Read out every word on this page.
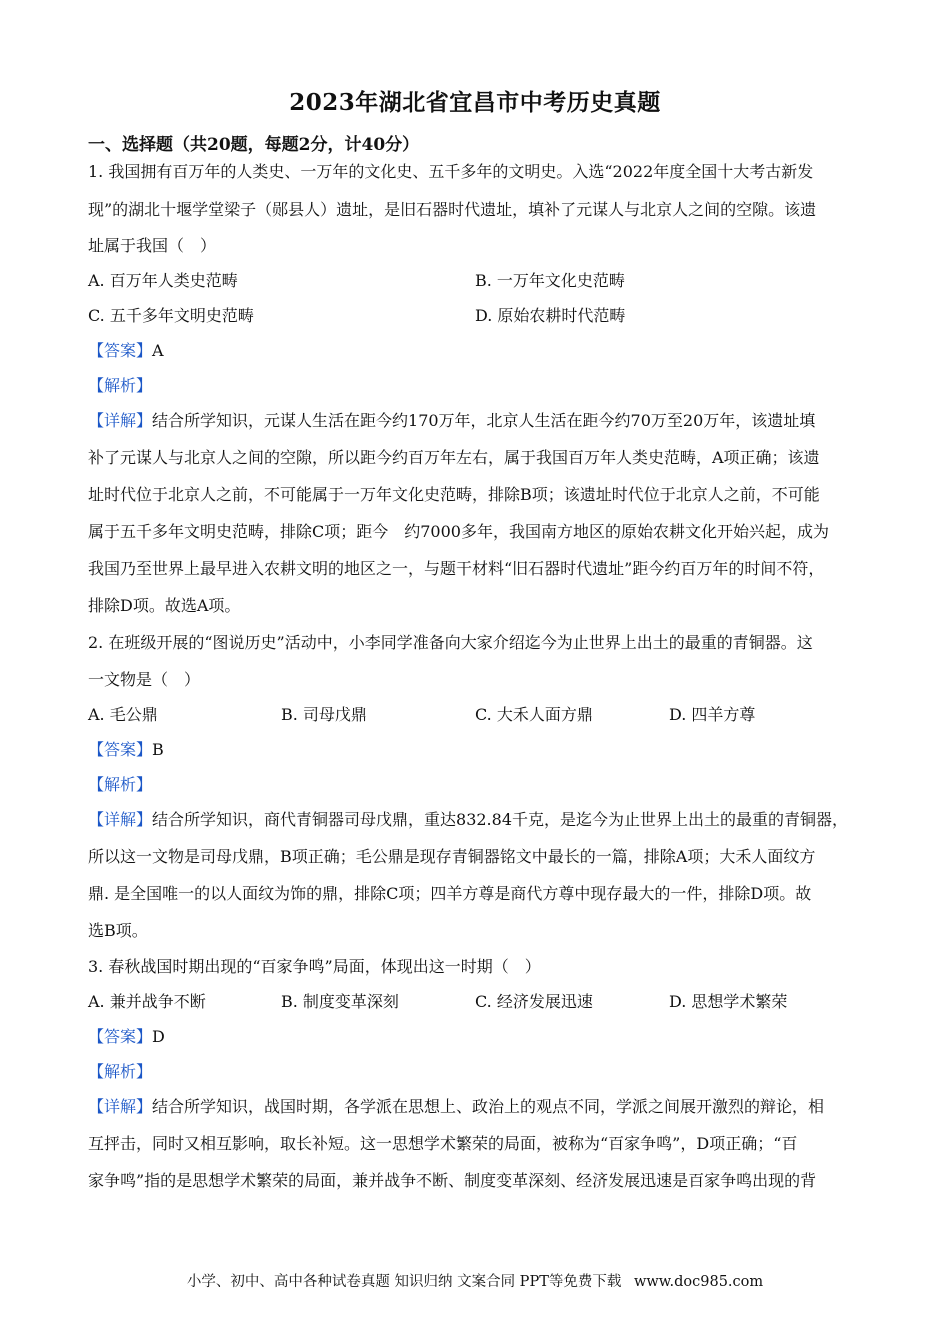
2023年湖北省宜昌市中考历史真题
一、选择题（共20题，每题2分，计40分）
1. 我国拥有百万年的人类史、一万年的文化史、五千多年的文明史。入选“2022年度全国十大考古新发
现”的湖北十堰学堂梁子（郧县人）遗址，是旧石器时代遗址，填补了元谋人与北京人之间的空隙。该遗
址属于我国（　）
A. 百万年人类史范畴	B. 一万年文化史范畴
C. 五千多年文明史范畴	D. 原始农耕时代范畴
【答案】A
【解析】
【详解】结合所学知识，元谋人生活在距今约170万年，北京人生活在距今约70万至20万年，该遗址填
补了元谋人与北京人之间的空隙，所以距今约百万年左右，属于我国百万年人类史范畴，A项正确；该遗
址时代位于北京人之前，不可能属于一万年文化史范畴，排除B项；该遗址时代位于北京人之前，不可能
属于五千多年文明史范畴，排除C项；距今　约7000多年，我国南方地区的原始农耕文化开始兴起，成为
我国乃至世界上最早进入农耕文明的地区之一，与题干材料“旧石器时代遗址”距今约百万年的时间不符，
排除D项。故选A项。
2. 在班级开展的“图说历史”活动中，小李同学准备向大家介绍迄今为止世界上出土的最重的青铜器。这
一文物是（　）
A. 毛公鼎	B. 司母戊鼎	C. 大禾人面方鼎	D. 四羊方尊
【答案】B
【解析】
【详解】结合所学知识，商代青铜器司母戊鼎，重达832.84千克，是迄今为止世界上出土的最重的青铜器，
所以这一文物是司母戊鼎，B项正确；毛公鼎是现存青铜器铭文中最长的一篇，排除A项；大禾人面纹方
鼎. 是全国唯一的以人面纹为饰的鼎，排除C项；四羊方尊是商代方尊中现存最大的一件，排除D项。故
选B项。
3. 春秋战国时期出现的“百家争鸣”局面，体现出这一时期（　）
A. 兼并战争不断	B. 制度变革深刻	C. 经济发展迅速	D. 思想学术繁荣
【答案】D
【解析】
【详解】结合所学知识，战国时期，各学派在思想上、政治上的观点不同，学派之间展开激烈的辩论，相
互抨击，同时又相互影响，取长补短。这一思想学术繁荣的局面，被称为“百家争鸣”，D项正确；“百
家争鸣”指的是思想学术繁荣的局面，兼并战争不断、制度变革深刻、经济发展迅速是百家争鸣出现的背
小学、初中、高中各种试卷真题 知识归纳 文案合同 PPT等免费下载 www.doc985.com
